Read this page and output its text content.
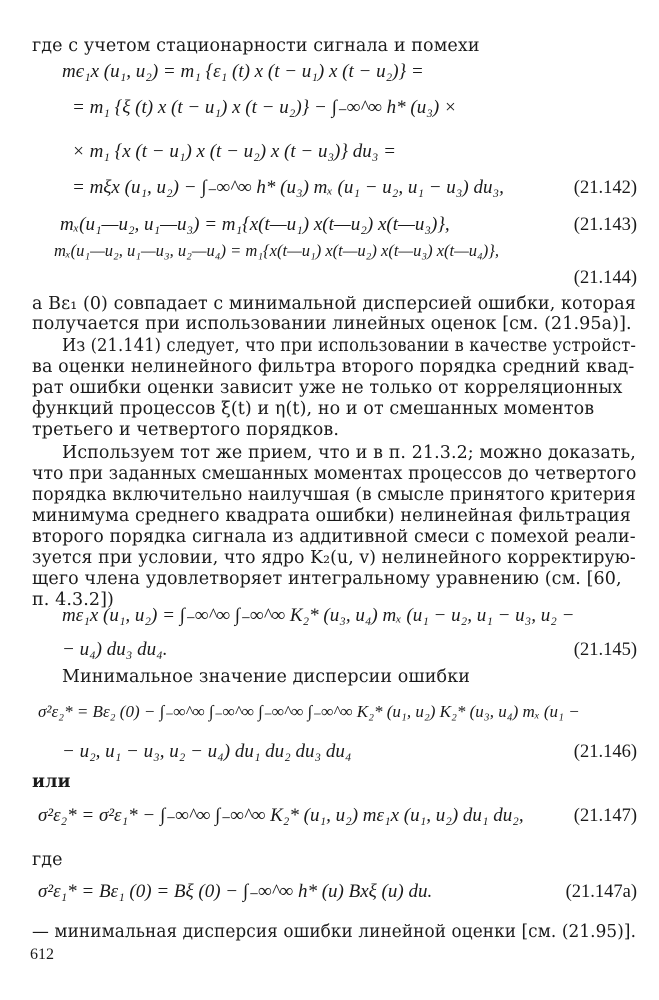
где с учетом стационарности сигнала и помехи
mє₁x (u₁, u₂) = m₁ {ε₁ (t) x (t − u₁) x (t − u₂)} =
= m₁ {ξ (t) x (t − u₁) x (t − u₂)} − ∫₋∞^∞ h* (u₃) ×
× m₁ {x (t − u₁) x (t − u₂) x (t − u₃)} du₃ =
= mξx (u₁, u₂) − ∫₋∞^∞ h* (u₃) mₓ (u₁ − u₂, u₁ − u₃) du₃,	(21.142)
mₓ(u₁—u₂, u₁—u₃) = m₁{x(t—u₁) x(t—u₂) x(t—u₃)},	(21.143)
mₓ(u₁—u₂, u₁—u₃, u₂—u₄) = m₁{x(t—u₁) x(t—u₂) x(t—u₃) x(t—u₄)},
(21.144)
а Bε₁ (0) совпадает с минимальной дисперсией ошибки, которая
получается при использовании линейных оценок [см. (21.95а)].
Из (21.141) следует, что при использовании в качестве устройст-
ва оценки нелинейного фильтра второго порядка средний квад-
рат ошибки оценки зависит уже не только от корреляционных
функций процессов ξ(t) и η(t), но и от смешанных моментов
третьего и четвертого порядков.
Используем тот же прием, что и в п. 21.3.2; можно доказать,
что при заданных смешанных моментах процессов до четвертого
порядка включительно наилучшая (в смысле принятого критерия
минимума среднего квадрата ошибки) нелинейная фильтрация
второго порядка сигнала из аддитивной смеси с помехой реали-
зуется при условии, что ядро K₂(u, v) нелинейного корректирую-
щего члена удовлетворяет интегральному уравнению (см. [60,
п. 4.3.2])
mε₁x (u₁, u₂) = ∫₋∞^∞ ∫₋∞^∞ K₂* (u₃, u₄) mₓ (u₁ − u₂, u₁ − u₃, u₂ −
− u₄) du₃ du₄.	(21.145)
Минимальное значение дисперсии ошибки
σ²ε₂* = Bε₂ (0) − ∫₋∞^∞ ∫₋∞^∞ ∫₋∞^∞ ∫₋∞^∞ K₂* (u₁, u₂) K₂* (u₃, u₄) mₓ (u₁ −
− u₂, u₁ − u₃, u₂ − u₄) du₁ du₂ du₃ du₄	(21.146)
или
σ²ε₂* = σ²ε₁* − ∫₋∞^∞ ∫₋∞^∞ K₂* (u₁, u₂) mε₁x (u₁, u₂) du₁ du₂,	(21.147)
где
σ²ε₁* = Bε₁ (0) = Bξ (0) − ∫₋∞^∞ h* (u) Bxξ (u) du.	(21.147а)
— минимальная дисперсия ошибки линейной оценки [см. (21.95)].
612
